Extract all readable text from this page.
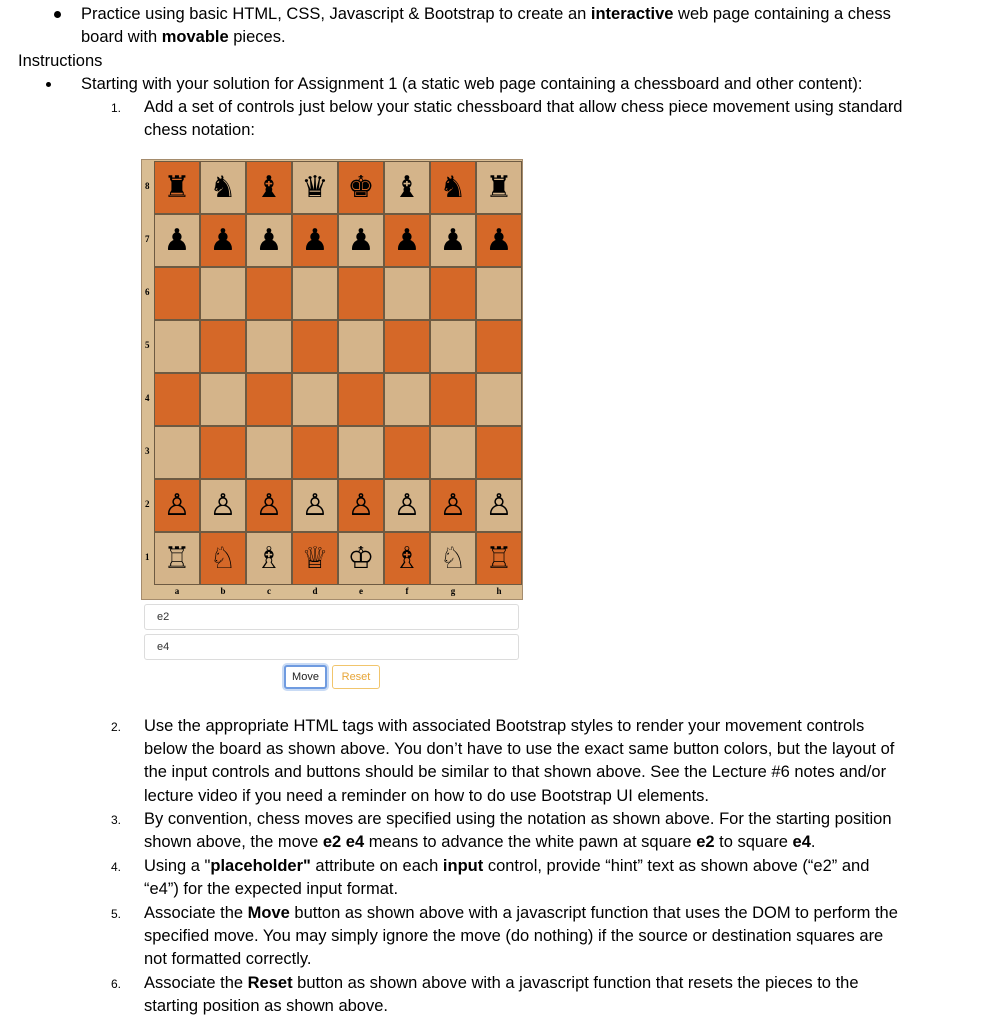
Practice using basic HTML, CSS, Javascript & Bootstrap to create an interactive web page containing a chess
board with movable pieces.
Instructions
Starting with your solution for Assignment 1 (a static web page containing a chessboard and other content):
1. Add a set of controls just below your static chessboard that allow chess piece movement using standard
chess notation:
♜ ♞ ♝ ♛ ♚ ♝ ♞ ♜
♟ ♟ ♟ ♟ ♟ ♟ ♟ ♟
♙ ♙ ♙ ♙ ♙ ♙ ♙ ♙
♖ ♘ ♗ ♕ ♔ ♗ ♘ ♖
8
7
6
5
4
3
2
1
a	b	c	d	e	f	g	h
e2
e4
Move	Reset
2. Use the appropriate HTML tags with associated Bootstrap styles to render your movement controls
below the board as shown above. You don’t have to use the exact same button colors, but the layout of
the input controls and buttons should be similar to that shown above. See the Lecture #6 notes and/or
lecture video if you need a reminder on how to do use Bootstrap UI elements.
3. By convention, chess moves are specified using the notation as shown above. For the starting position
shown above, the move e2 e4 means to advance the white pawn at square e2 to square e4.
4. Using a "placeholder" attribute on each input control, provide “hint” text as shown above (“e2” and
“e4”) for the expected input format.
5. Associate the Move button as shown above with a javascript function that uses the DOM to perform the
specified move. You may simply ignore the move (do nothing) if the source or destination squares are
not formatted correctly.
6. Associate the Reset button as shown above with a javascript function that resets the pieces to the
starting position as shown above.
